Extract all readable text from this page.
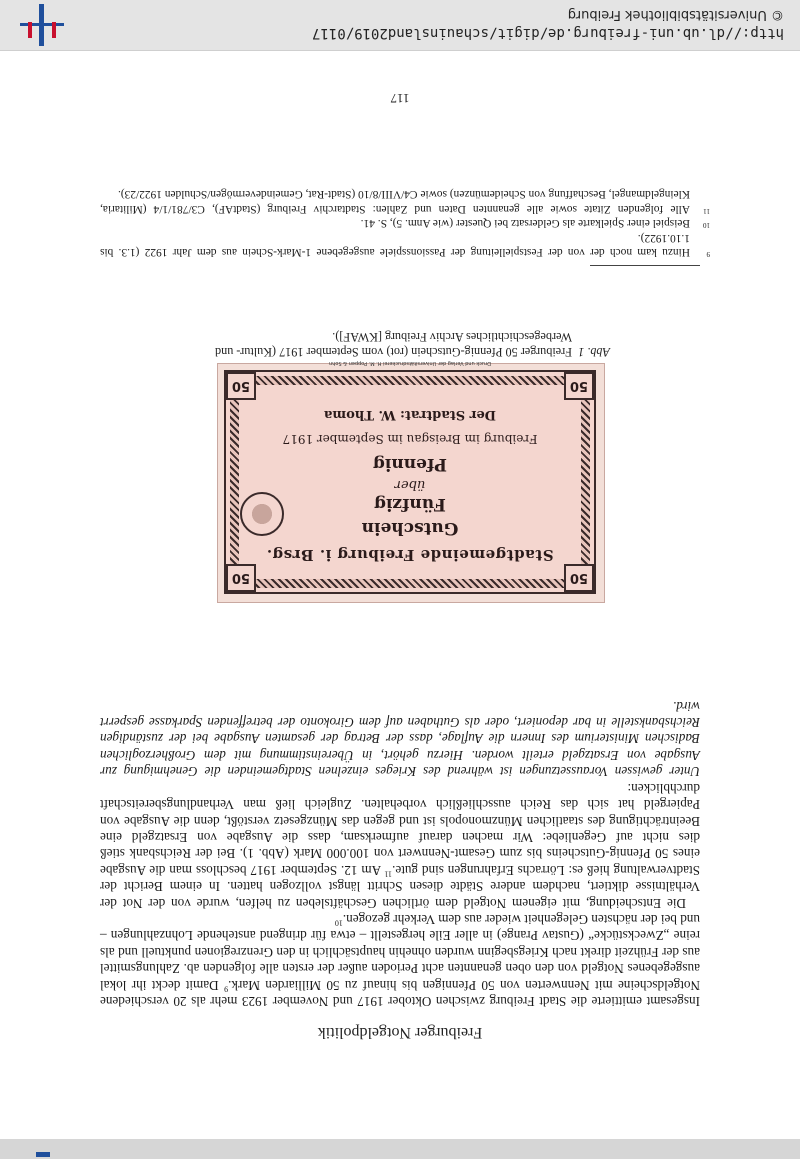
Freiburger Notgeldpolitik

Insgesamt emittierte die Stadt Freiburg zwischen Oktober 1917 und November 1923 mehr als 20 verschiedene Notgeldscheine mit Nennwerten von 50 Pfennigen bis hinauf zu 50 Milliarden Mark.$^9$ Damit deckt ihr lokal ausgegebenes Notgeld von den oben genannten acht Perioden außer der ersten alle folgenden ab. Zahlungsmittel aus der Frühzeit direkt nach Kriegsbeginn wurden ohnehin hauptsächlich in den Grenzregionen punktuell und als reine „Zweckstücke“ (Gustav Prange) in aller Eile hergestellt – etwa für dringend anstehende Lohnzahlungen – und bei der nächsten Gelegenheit wieder aus dem Verkehr gezogen.$^{10}$

Die Entscheidung, mit eigenem Notgeld dem örtlichen Geschäftsleben zu helfen, wurde von der Not der Verhältnisse diktiert, nachdem andere Städte diesen Schritt längst vollzogen hatten. In einem Bericht der Stadtverwaltung hieß es: Lörrachs Erfahrungen sind gute.$^{11}$ Am 12. September 1917 beschloss man die Ausgabe eines 50 Pfennig-Gutscheins bis zum Gesamt-Nennwert von 100.000 Mark (Abb. 1). Bei der Reichsbank stieß dies nicht auf Gegenliebe: Wir machen darauf aufmerksam, dass die Ausgabe von Ersatzgeld eine Beeinträchtigung des staatlichen Münzmonopols ist und gegen das Münzgesetz verstößt, denn die Ausgabe von Papiergeld hat sich das Reich ausschließlich vorbehalten. Zugleich ließ man Verhandlungsbereitschaft durchblicken:

Unter gewissen Voraussetzungen ist während des Krieges einzelnen Stadtgemeinden die Genehmigung zur Ausgabe von Ersatzgeld erteilt worden. Hierzu gehört, in Übereinstimmung mit dem Großherzoglichen Badischen Ministerium des Innern die Auflage, dass der Betrag der gesamten Ausgabe bei der zuständigen Reichsbankstelle in bar deponiert, oder als Guthaben auf dem Girokonto der betreffenden Sparkasse gesperrt wird.

50
50
50
50
Stadtgemeinde Freiburg i. Brsg.
Gutschein
Fünfzig
über
Pfennig
Freiburg im Breisgau im September 1917
Der Stadtrat: W. Thoma
Druck und Verlag der Universitätsdruckerei H. M. Poppen & Sohn
Abb. 1
Freiburger 50 Pfennig-Gutschein (rot) vom September 1917 (Kultur- und Werbegeschichtliches Archiv Freiburg [KWAF]).
9
Hinzu kam noch der von der Festspielleitung der Passionsspiele ausgegebene 1-Mark-Schein aus dem Jahr 1922 (1.3. bis 1.10.1922).
10
Beispiel einer Spielkarte als Geldersatz bei Quester (wie Anm. 5), S. 41.
11
Alle folgenden Zitate sowie alle genannten Daten und Zahlen: Stadtarchiv Freiburg (StadtAF), C3/781/1/4 (Militaria, Kleingeldmangel, Beschaffung von Scheidemünzen) sowie C4/VIII/8/10 (Stadt-Rat, Gemeindevermögen/Schulden 1922/23).
117
http://dl.ub.uni-freiburg.de/digit/schauinsland2019/0117
© Universitätsbibliothek Freiburg
